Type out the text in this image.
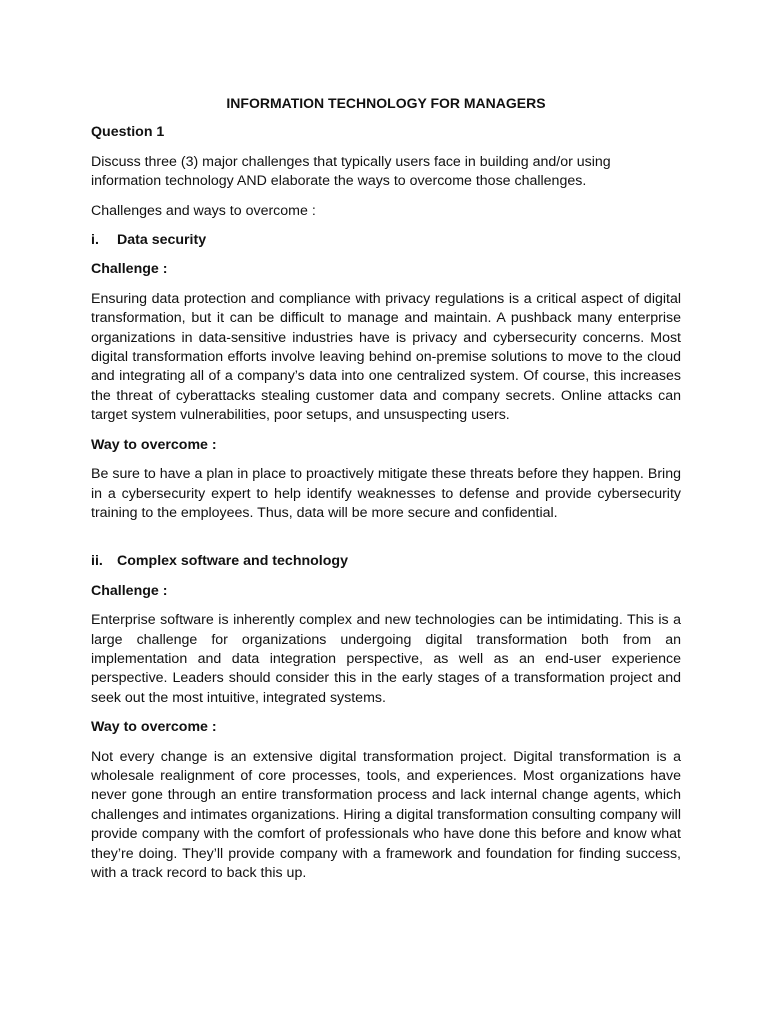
INFORMATION TECHNOLOGY FOR MANAGERS
Question 1

Discuss three (3) major challenges that typically users face in building and/or using information technology AND elaborate the ways to overcome those challenges.

Challenges and ways to overcome :

i.	Data security
Challenge :

Ensuring data protection and compliance with privacy regulations is a critical aspect of digital transformation, but it can be difficult to manage and maintain. A pushback many enterprise organizations in data-sensitive industries have is privacy and cybersecurity concerns. Most digital transformation efforts involve leaving behind on-premise solutions to move to the cloud and integrating all of a company’s data into one centralized system. Of course, this increases the threat of cyberattacks stealing customer data and company secrets. Online attacks can target system vulnerabilities, poor setups, and unsuspecting users.

Way to overcome :

Be sure to have a plan in place to proactively mitigate these threats before they happen. Bring in a cybersecurity expert to help identify weaknesses to defense and provide cybersecurity training to the employees. Thus, data will be more secure and confidential.

ii. Complex software and technology
Challenge :

Enterprise software is inherently complex and new technologies can be intimidating. This is a large challenge for organizations undergoing digital transformation both from an implementation and data integration perspective, as well as an end-user experience perspective. Leaders should consider this in the early stages of a transformation project and seek out the most intuitive, integrated systems.

Way to overcome :

Not every change is an extensive digital transformation project. Digital transformation is a wholesale realignment of core processes, tools, and experiences. Most organizations have never gone through an entire transformation process and lack internal change agents, which challenges and intimates organizations. Hiring a digital transformation consulting company will provide company with the comfort of professionals who have done this before and know what they’re doing. They’ll provide company with a framework and foundation for finding success, with a track record to back this up.
